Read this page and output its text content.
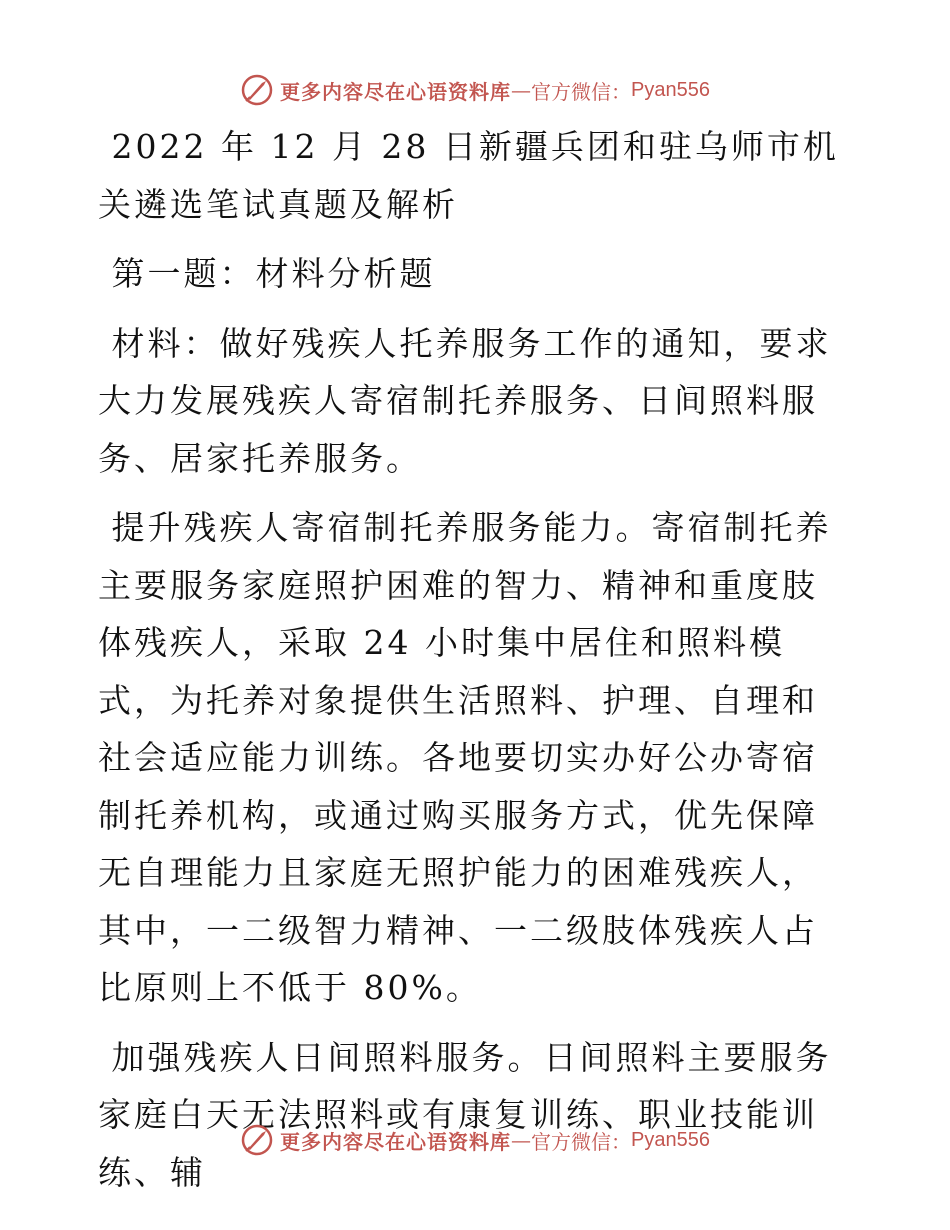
更多内容尽在心语资料库 — 官方微信： Pyan556

2022 年 12 月 28 日新疆兵团和驻乌师市机关遴选笔试真题及解析

第一题：材料分析题

材料：做好残疾人托养服务工作的通知，要求大力发展残疾人寄宿制托养服务、日间照料服务、居家托养服务。

提升残疾人寄宿制托养服务能力。寄宿制托养主要服务家庭照护困难的智力、精神和重度肢体残疾人，采取 24 小时集中居住和照料模式，为托养对象提供生活照料、护理、自理和社会适应能力训练。各地要切实办好公办寄宿制托养机构，或通过购买服务方式，优先保障无自理能力且家庭无照护能力的困难残疾人，其中，一二级智力精神、一二级肢体残疾人占比原则上不低于 80%。

加强残疾人日间照料服务。日间照料主要服务家庭白天无法照料或有康复训练、职业技能训练、辅

更多内容尽在心语资料库 — 官方微信： Pyan556
